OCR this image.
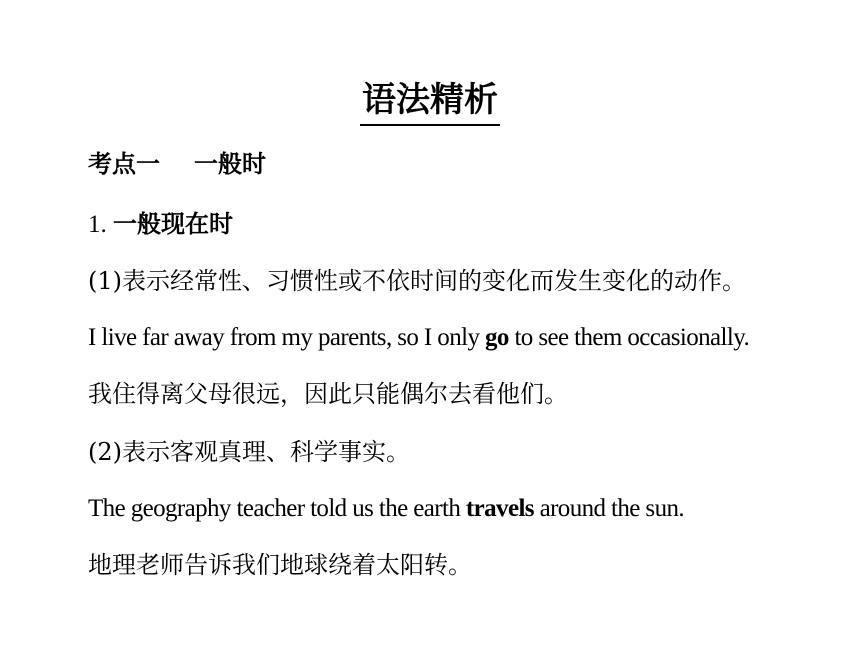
语法精析
考点一 一般时
1. 一般现在时
(1)表示经常性、习惯性或不依时间的变化而发生变化的动作。
I live far away from my parents, so I only go to see them occasionally.
我住得离父母很远，因此只能偶尔去看他们。
(2)表示客观真理、科学事实。
The geography teacher told us the earth travels around the sun.
地理老师告诉我们地球绕着太阳转。
